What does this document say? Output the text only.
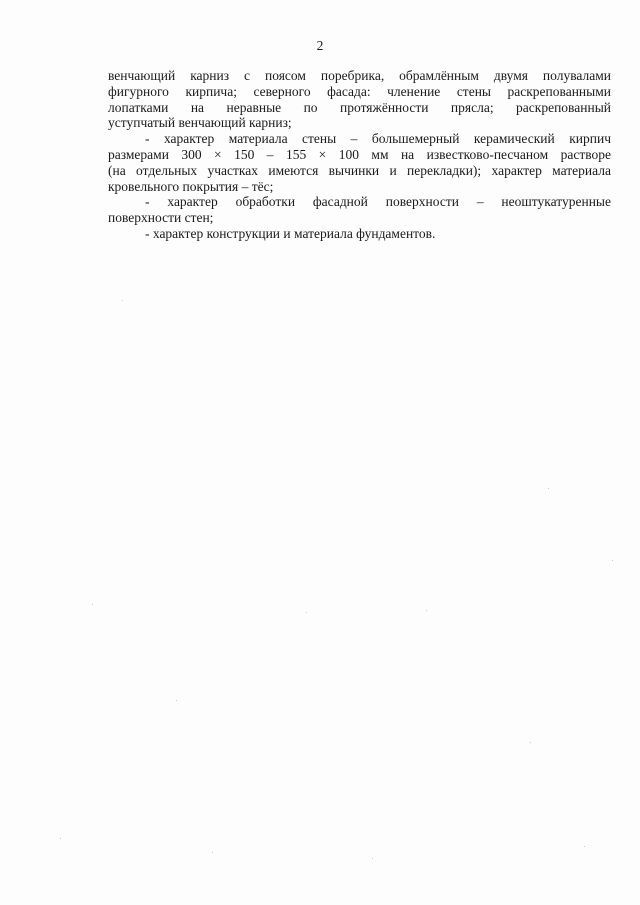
2
венчающий карниз с поясом поребрика, обрамлённым двумя полувалами
фигурного кирпича; северного фасада: членение стены раскрепованными
лопатками на неравные по протяжённости прясла; раскрепованный
уступчатый венчающий карниз;
- характер материала стены – большемерный керамический кирпич
размерами 300 × 150 – 155 × 100 мм на известково-песчаном растворе
(на отдельных участках имеются вычинки и перекладки); характер материала
кровельного покрытия – тёс;
- характер обработки фасадной поверхности – неоштукатуренные
поверхности стен;
- характер конструкции и материала фундаментов.
